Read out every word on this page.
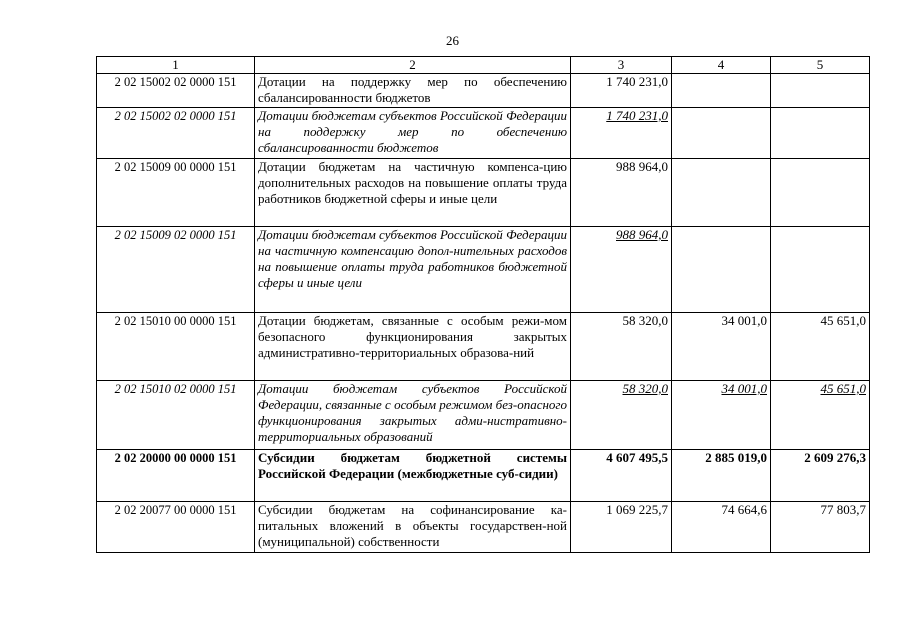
26
1	2	3	4	5
2 02 15002 02 0000 151	Дотации на поддержку мер по обеспечению сбалансированности бюджетов	1 740 231,0		
2 02 15002 02 0000 151	Дотации бюджетам субъектов Российской Федерации на поддержку мер по обеспечению сбалансированности бюджетов	1 740 231,0		
2 02 15009 00 0000 151	Дотации бюджетам на частичную компенса-цию дополнительных расходов на повышение оплаты труда работников бюджетной сферы и иные цели	988 964,0		
2 02 15009 02 0000 151	Дотации бюджетам субъектов Российской Федерации на частичную компенсацию допол-нительных расходов на повышение оплаты труда работников бюджетной сферы и иные цели	988 964,0		
2 02 15010 00 0000 151	Дотации бюджетам, связанные с особым режи-мом безопасного функционирования закрытых административно-территориальных образова-ний	58 320,0	34 001,0	45 651,0
2 02 15010 02 0000 151	Дотации бюджетам субъектов Российской Федерации, связанные с особым режимом без-опасного функционирования закрытых адми-нистративно-территориальных образований	58 320,0	34 001,0	45 651,0
2 02 20000 00 0000 151	Субсидии бюджетам бюджетной системы Российской Федерации (межбюджетные суб-сидии)	4 607 495,5	2 885 019,0	2 609 276,3
2 02 20077 00 0000 151	Субсидии бюджетам на софинансирование ка-питальных вложений в объекты государствен-ной (муниципальной) собственности	1 069 225,7	74 664,6	77 803,7
